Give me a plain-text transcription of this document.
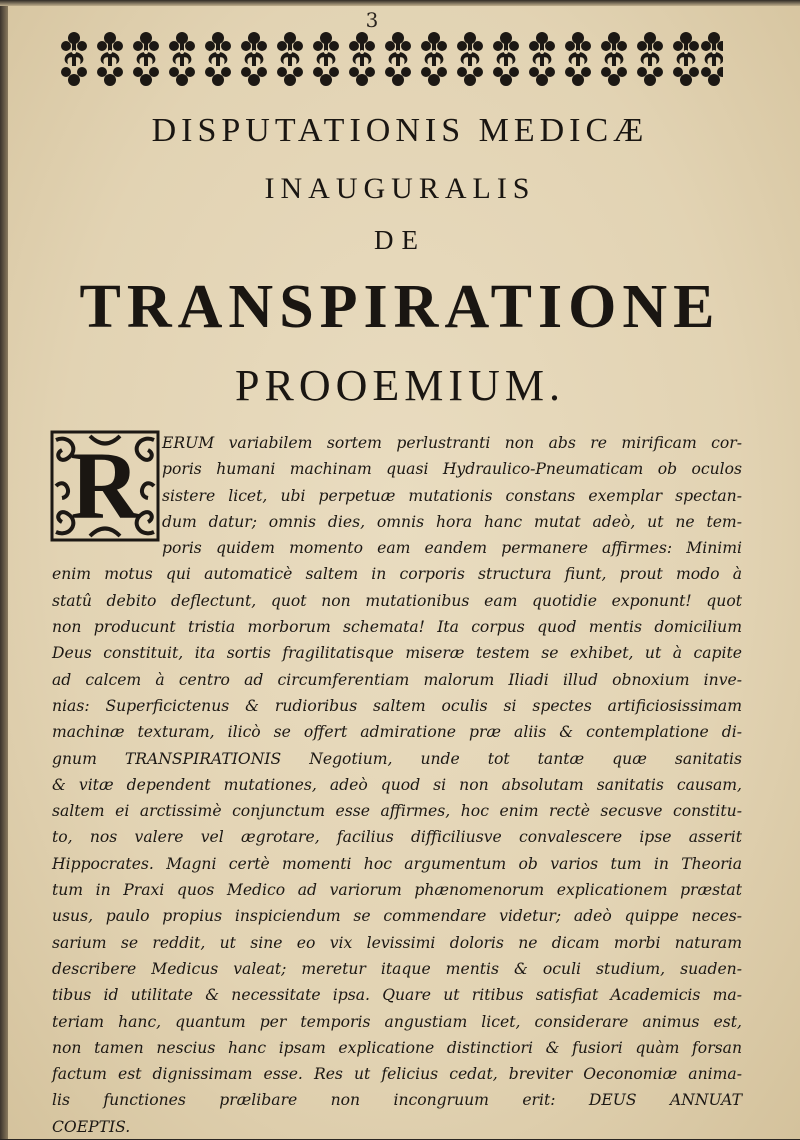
3
DISPUTATIONIS MEDICÆ
INAUGURALIS
DE
TRANSPIRATIONE
PROOEMIUM.
R	ERUM variabilem sortem perlustranti non abs re mirificam cor-
poris humani machinam quasi Hydraulico-Pneumaticam ob oculos
sistere licet, ubi perpetuæ mutationis constans exemplar spectan-
dum datur; omnis dies, omnis hora hanc mutat adeò, ut ne tem-
poris quidem momento eam eandem permanere affirmes: Minimi
enim motus qui automaticè saltem in corporis structura fiunt, prout modo à
statû debito deflectunt, quot non mutationibus eam quotidie exponunt! quot
non producunt tristia morborum schemata! Ita corpus quod mentis domicilium
Deus constituit, ita sortis fragilitatisque miseræ testem se exhibet, ut à capite
ad calcem à centro ad circumferentiam malorum Iliadi illud obnoxium inve-
nias: Superficictenus & rudioribus saltem oculis si spectes artificiosissimam
machinæ texturam, ilicò se offert admiratione præ aliis & contemplatione di-
gnum TRANSPIRATIONIS Negotium, unde tot tantæ quæ sanitatis
& vitæ dependent mutationes, adeò quod si non absolutam sanitatis causam,
saltem ei arctissimè conjunctum esse affirmes, hoc enim rectè secusve constitu-
to, nos valere vel ægrotare, facilius difficiliusve convalescere ipse asserit
Hippocrates. Magni certè momenti hoc argumentum ob varios tum in Theoria
tum in Praxi quos Medico ad variorum phænomenorum explicationem præstat
usus, paulo propius inspiciendum se commendare videtur; adeò quippe neces-
sarium se reddit, ut sine eo vix levissimi doloris ne dicam morbi naturam
describere Medicus valeat; meretur itaque mentis & oculi studium, suaden-
tibus id utilitate & necessitate ipsa. Quare ut ritibus satisfiat Academicis ma-
teriam hanc, quantum per temporis angustiam licet, considerare animus est,
non tamen nescius hanc ipsam explicatione distinctiori & fusiori quàm forsan
factum est dignissimam esse. Res ut felicius cedat, breviter Oeconomiæ anima-
lis functiones prælibare non incongruum erit: DEUS ANNUAT
COEPTIS.
